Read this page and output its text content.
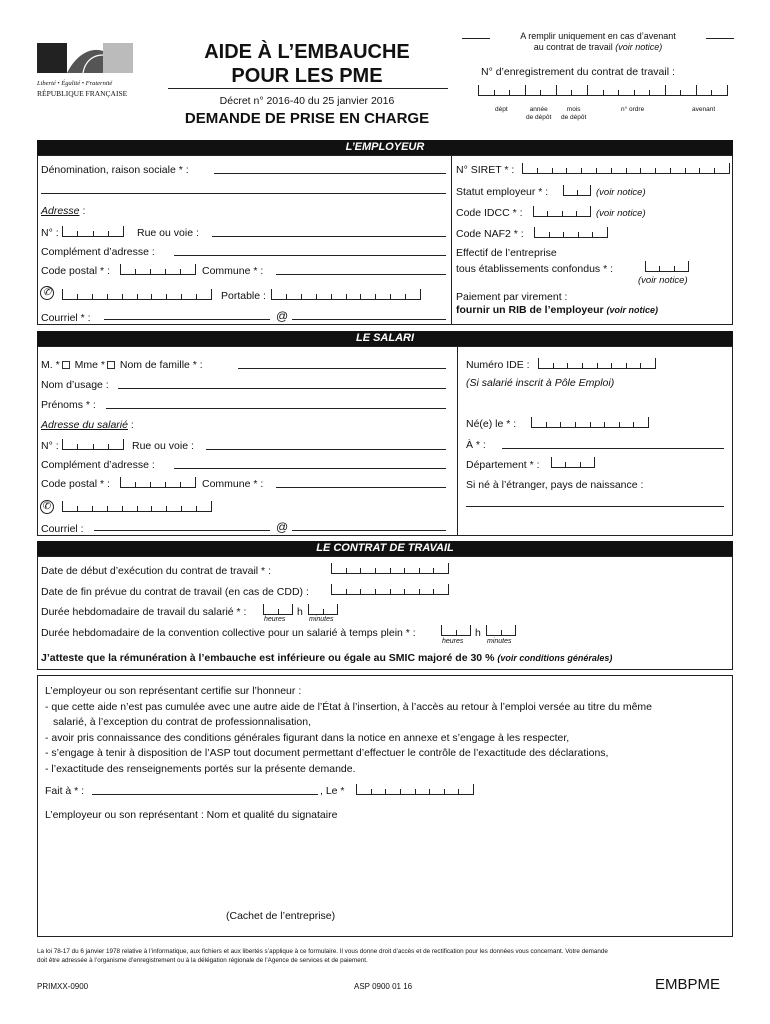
Liberté • Égalité • Fraternité
RÉPUBLIQUE FRANÇAISE
AIDE À L’EMBAUCHE
POUR LES PME
Décret n° 2016-40 du 25 janvier 2016
DEMANDE DE PRISE EN CHARGE
A remplir uniquement en cas d’avenant
au contrat de travail (voir notice)
N° d’enregistrement du contrat de travail :
dépt	année
de dépôt
mois
de dépôt
n° ordre	avenant
L’EMPLOYEUR
Dénomination, raison sociale * :
Adresse :
N° :	Rue ou voie :
Complément d’adresse :
Code postal * :	Commune * :
✆	Portable :
Courriel * :	@
N° SIRET * :
Statut employeur * :	(voir notice)
Code IDCC * :	(voir notice)
Code NAF2 * :
Effectif de l’entreprise
tous établissements confondus * :
(voir notice)
Paiement par virement :
fournir un RIB de l’employeur (voir notice)
LE SALARI
M. * Mme * Nom de famille * :
Nom d’usage :
Prénoms * :
Adresse du salarié :
N° :	Rue ou voie :
Complément d’adresse :
Code postal * :	Commune * :
✆
Courriel :	@
Numéro IDE :
(Si salarié inscrit à Pôle Emploi)
Né(e) le * :
À * :
Département * :
Si né à l’étranger, pays de naissance :
LE CONTRAT DE TRAVAIL
Date de début d’exécution du contrat de travail * :
Date de fin prévue du contrat de travail (en cas de CDD) :
Durée hebdomadaire de travail du salarié * :	h
heures	minutes
Durée hebdomadaire de la convention collective pour un salarié à temps plein * :	h
heures	minutes
J’atteste que la rémunération à l’embauche est inférieure ou égale au SMIC majoré de 30 % (voir conditions générales)
L’employeur ou son représentant certifie sur l’honneur :
- que cette aide n’est pas cumulée avec une autre aide de l’État à l’insertion, à l’accès au retour à l’emploi versée au titre du même
salarié, à l’exception du contrat de professionnalisation,
- avoir pris connaissance des conditions générales figurant dans la notice en annexe et s’engage à les respecter,
- s’engage à tenir à disposition de l’ASP tout document permettant d’effectuer le contrôle de l’exactitude des déclarations,
- l’exactitude des renseignements portés sur la présente demande.
Fait à * :	, Le *
L’employeur ou son représentant : Nom et qualité du signataire
(Cachet de l’entreprise)
La loi 78-17 du 6 janvier 1978 relative à l’informatique, aux fichiers et aux libertés s’applique à ce formulaire. Il vous donne droit d’accès et de rectification pour les données vous concernant. Votre demande
doit être adressée à l’organisme d’enregistrement ou à la délégation régionale de l’Agence de services et de paiement.
PRIMXX-0900	ASP 0900 01 16	EMBPME
